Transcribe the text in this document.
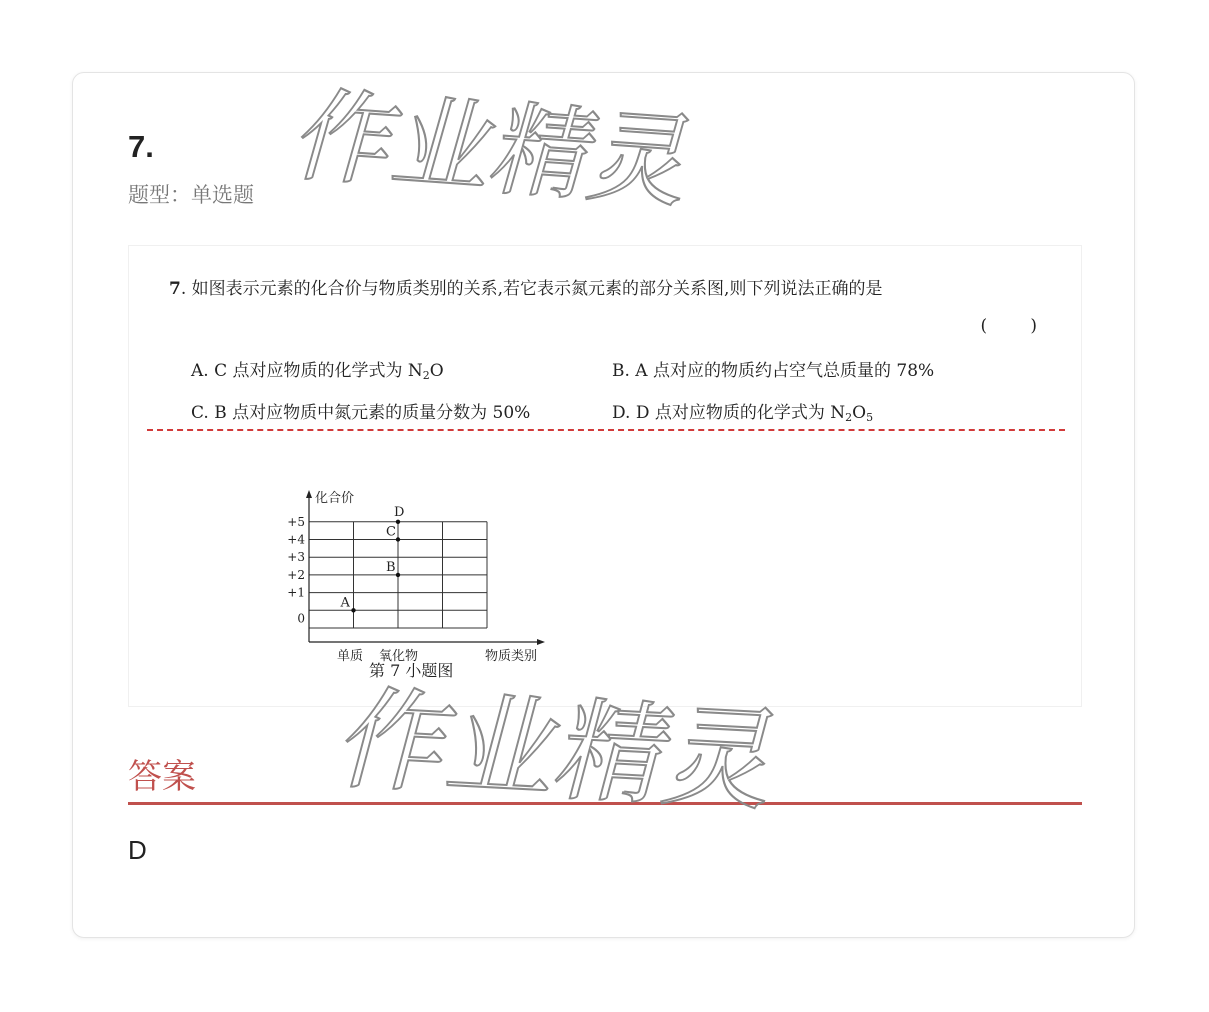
7.
题型：单选题
7. 如图表示元素的化合价与物质类别的关系,若它表示氮元素的部分关系图,则下列说法正确的是
(        )
A. C 点对应物质的化学式为 $N_2O$	B. A 点对应的物质约占空气总质量的 78%
C. B 点对应物质中氮元素的质量分数为 50%	D. D 点对应物质的化学式为 $N_2O_5$
化合价
物质类别
+5
+4
+3
+2
+1
0
单质 氧化物
A
B
C
D
第 7 小题图
答案
D
作业精灵
作业精灵
